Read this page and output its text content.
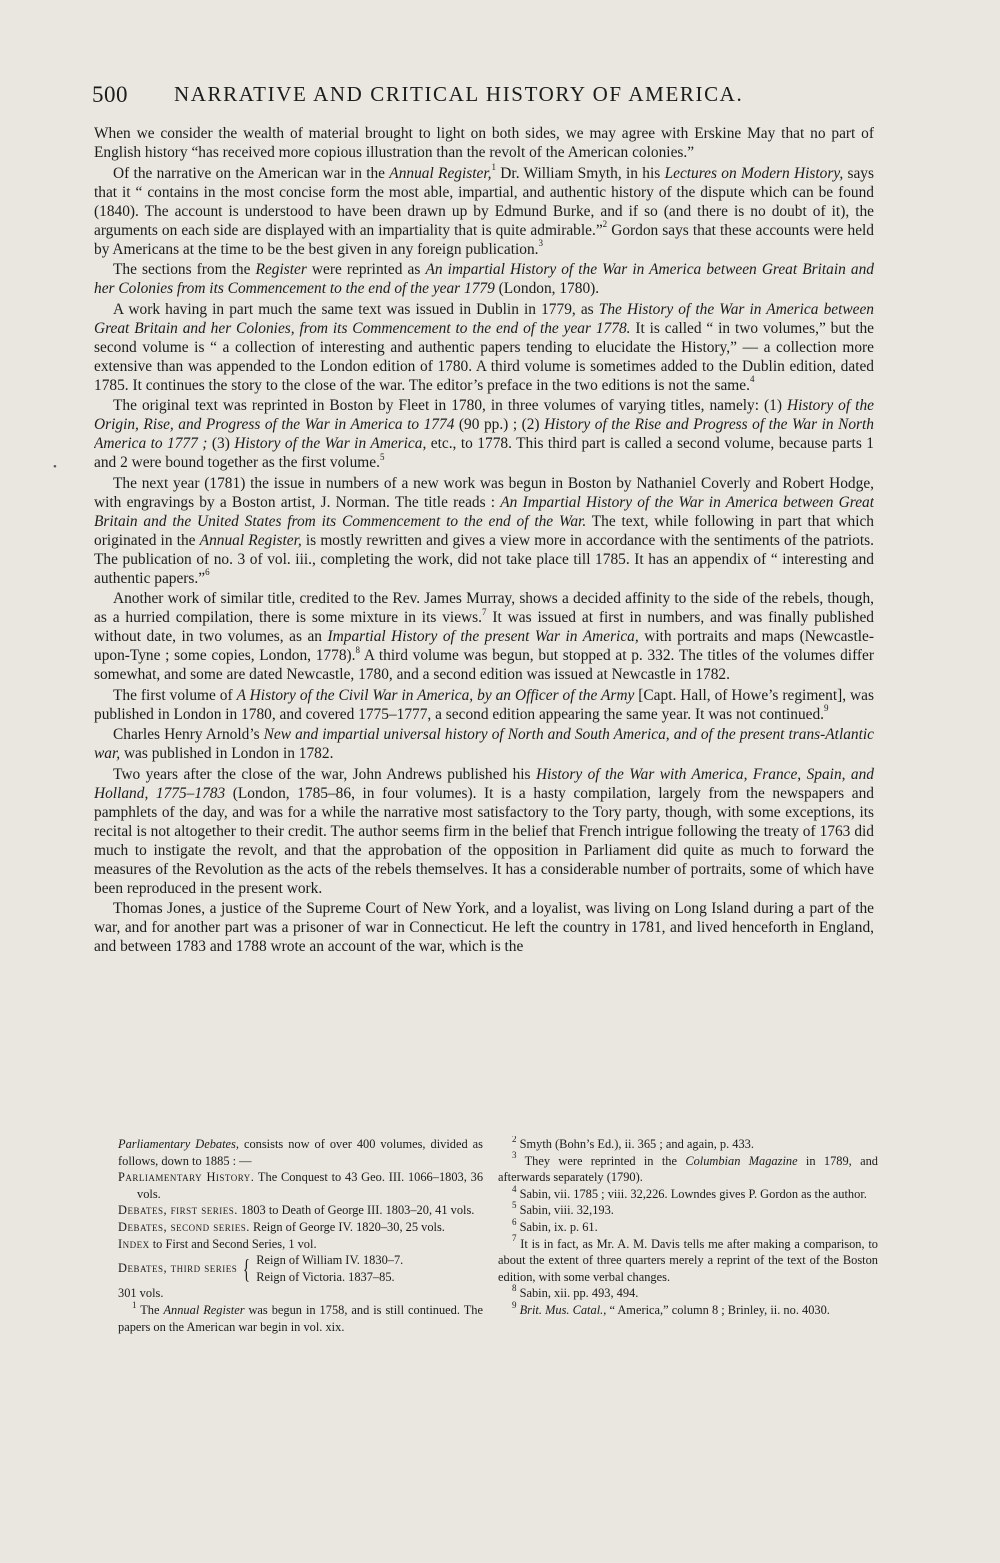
500 NARRATIVE AND CRITICAL HISTORY OF AMERICA.
•

When we consider the wealth of material brought to light on both sides, we may agree with Erskine May that no part of English history “has received more copious illustration than the revolt of the American colonies.”

Of the narrative on the American war in the Annual Register,$^1$ Dr. William Smyth, in his Lectures on Modern History, says that it “ contains in the most concise form the most able, impartial, and authentic history of the dispute which can be found (1840). The account is understood to have been drawn up by Edmund Burke, and if so (and there is no doubt of it), the arguments on each side are displayed with an impartiality that is quite admirable.”$^2$ Gordon says that these accounts were held by Americans at the time to be the best given in any foreign publication.$^3$

The sections from the Register were reprinted as An impartial History of the War in America between Great Britain and her Colonies from its Commencement to the end of the year 1779 (London, 1780).

A work having in part much the same text was issued in Dublin in 1779, as The History of the War in America between Great Britain and her Colonies, from its Commencement to the end of the year 1778. It is called “ in two volumes,” but the second volume is “ a collection of interesting and authentic papers tending to elucidate the History,” — a collection more extensive than was appended to the London edition of 1780. A third volume is sometimes added to the Dublin edition, dated 1785. It continues the story to the close of the war. The editor’s preface in the two editions is not the same.$^4$

The original text was reprinted in Boston by Fleet in 1780, in three volumes of varying titles, namely: (1) History of the Origin, Rise, and Progress of the War in America to 1774 (90 pp.) ; (2) History of the Rise and Progress of the War in North America to 1777 ; (3) History of the War in America, etc., to 1778. This third part is called a second volume, because parts 1 and 2 were bound together as the first volume.$^5$

The next year (1781) the issue in numbers of a new work was begun in Boston by Nathaniel Coverly and Robert Hodge, with engravings by a Boston artist, J. Norman. The title reads : An Impartial History of the War in America between Great Britain and the United States from its Commencement to the end of the War. The text, while following in part that which originated in the Annual Register, is mostly rewritten and gives a view more in accordance with the sentiments of the patriots. The publication of no. 3 of vol. iii., completing the work, did not take place till 1785. It has an appendix of “ interesting and authentic papers.”$^6$

Another work of similar title, credited to the Rev. James Murray, shows a decided affinity to the side of the rebels, though, as a hurried compilation, there is some mixture in its views.$^7$ It was issued at first in numbers, and was finally published without date, in two volumes, as an Impartial History of the present War in America, with portraits and maps (Newcastle-upon-Tyne ; some copies, London, 1778).$^8$ A third volume was begun, but stopped at p. 332. The titles of the volumes differ somewhat, and some are dated Newcastle, 1780, and a second edition was issued at Newcastle in 1782.

The first volume of A History of the Civil War in America, by an Officer of the Army [Capt. Hall, of Howe’s regiment], was published in London in 1780, and covered 1775–1777, a second edition appearing the same year. It was not continued.$^9$

Charles Henry Arnold’s New and impartial universal history of North and South America, and of the present trans-Atlantic war, was published in London in 1782.

Two years after the close of the war, John Andrews published his History of the War with America, France, Spain, and Holland, 1775–1783 (London, 1785–86, in four volumes). It is a hasty compilation, largely from the newspapers and pamphlets of the day, and was for a while the narrative most satisfactory to the Tory party, though, with some exceptions, its recital is not altogether to their credit. The author seems firm in the belief that French intrigue following the treaty of 1763 did much to instigate the revolt, and that the approbation of the opposition in Parliament did quite as much to forward the measures of the Revolution as the acts of the rebels themselves. It has a considerable number of portraits, some of which have been reproduced in the present work.

Thomas Jones, a justice of the Supreme Court of New York, and a loyalist, was living on Long Island during a part of the war, and for another part was a prisoner of war in Connecticut. He left the country in 1781, and lived henceforth in England, and between 1783 and 1788 wrote an account of the war, which is the

Parliamentary Debates, consists now of over 400 volumes, divided as follows, down to 1885 : —

Parliamentary History. The Conquest to 43 Geo. III. 1066–1803, 36 vols.

Debates, first series. 1803 to Death of George III. 1803–20, 41 vols.

Debates, second series. Reign of George IV. 1820–30, 25 vols.

Index to First and Second Series, 1 vol.

Debates, third series { Reign of William IV. 1830–7.
Reign of Victoria. 1837–85.

301 vols.

$^1$ The Annual Register was begun in 1758, and is still continued. The papers on the American war begin in vol. xix.

$^2$ Smyth (Bohn’s Ed.), ii. 365 ; and again, p. 433.

$^3$ They were reprinted in the Columbian Magazine in 1789, and afterwards separately (1790).

$^4$ Sabin, vii. 1785 ; viii. 32,226. Lowndes gives P. Gordon as the author.

$^5$ Sabin, viii. 32,193.

$^6$ Sabin, ix. p. 61.

$^7$ It is in fact, as Mr. A. M. Davis tells me after making a comparison, to about the extent of three quarters merely a reprint of the text of the Boston edition, with some verbal changes.

$^8$ Sabin, xii. pp. 493, 494.

$^9$ Brit. Mus. Catal., “ America,” column 8 ; Brinley, ii. no. 4030.
